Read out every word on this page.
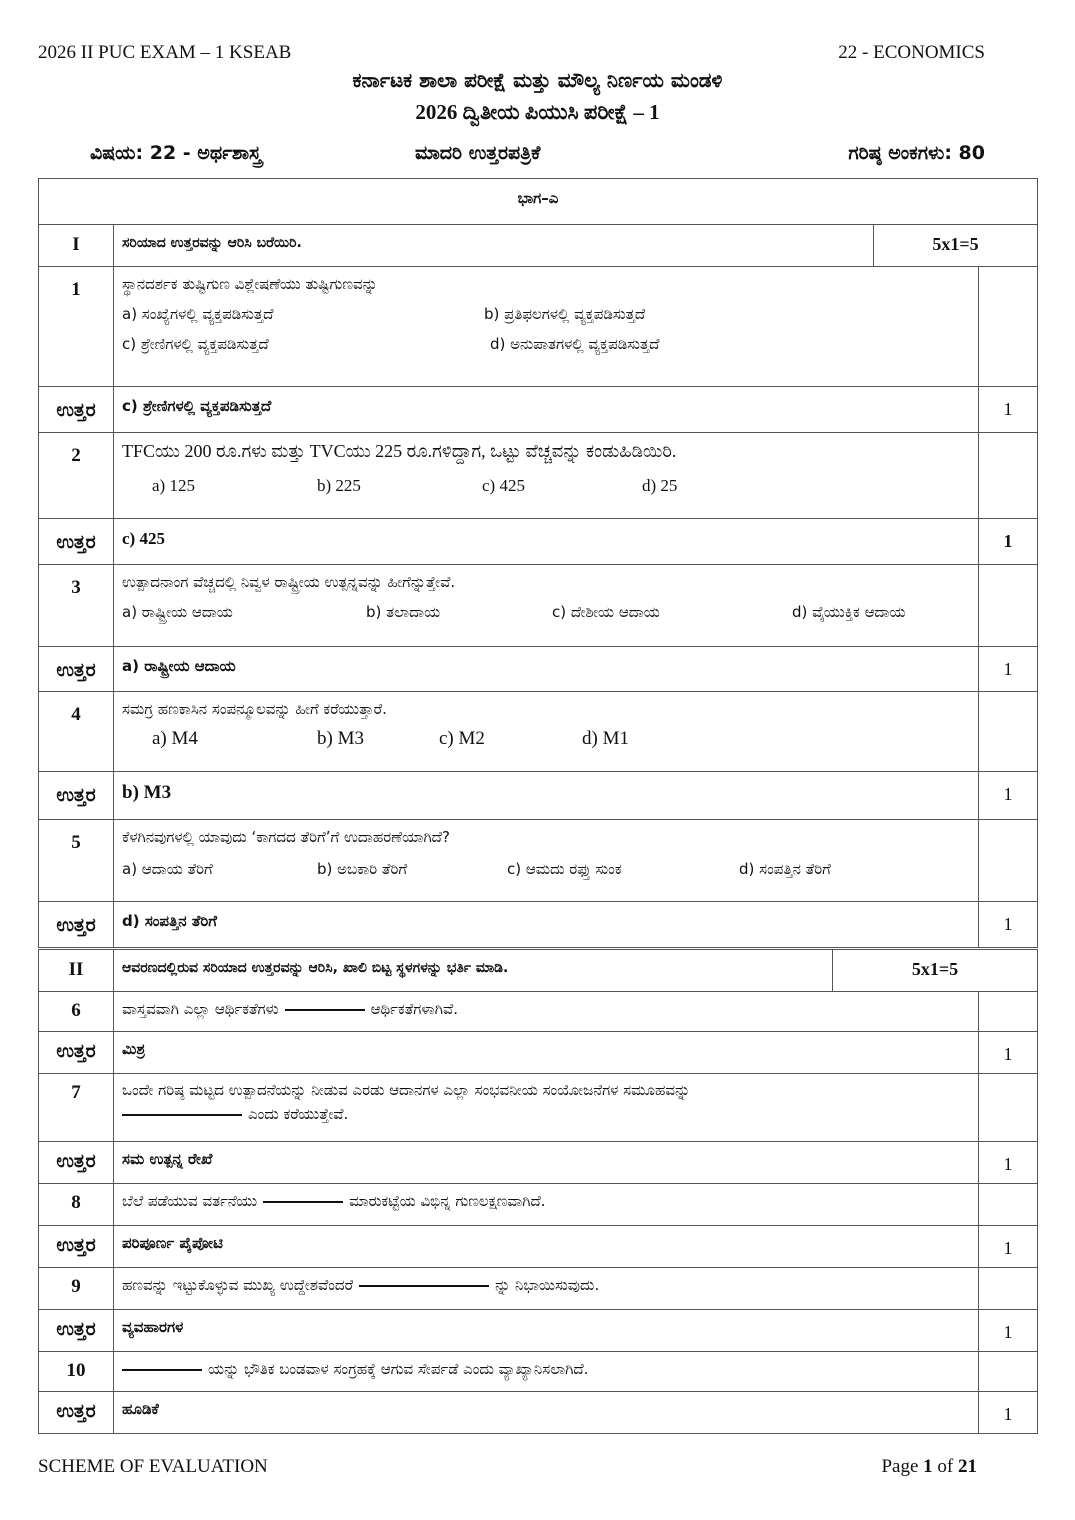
2026 II PUC EXAM – 1 KSEAB	22 - ECONOMICS
ಕರ್ನಾಟಕ ಶಾಲಾ ಪರೀಕ್ಷೆ ಮತ್ತು ಮೌಲ್ಯ ನಿರ್ಣಯ ಮಂಡಳಿ
2026 ದ್ವಿತೀಯ ಪಿಯುಸಿ ಪರೀಕ್ಷೆ – 1
ವಿಷಯ: 22 - ಅರ್ಥಶಾಸ್ತ್ರ	ಮಾದರಿ ಉತ್ತರಪತ್ರಿಕೆ	ಗರಿಷ್ಠ ಅಂಕಗಳು: 80
ಭಾಗ–ಎ			
I	ಸರಿಯಾದ ಉತ್ತರವನ್ನು ಆರಿಸಿ ಬರೆಯಿರಿ.	5x1=5	
1	ಸ್ಥಾನದರ್ಶಕ ತುಷ್ಟಿಗುಣ ವಿಶ್ಲೇಷಣೆಯು ತುಷ್ಟಿಗುಣವನ್ನು
a) ಸಂಖ್ಯೆಗಳಲ್ಲಿ ವ್ಯಕ್ತಪಡಿಸುತ್ತದೆ b) ಪ್ರತಿಫಲಗಳಲ್ಲಿ ವ್ಯಕ್ತಪಡಿಸುತ್ತದೆ
c) ಶ್ರೇಣಿಗಳಲ್ಲಿ ವ್ಯಕ್ತಪಡಿಸುತ್ತದೆ d) ಅನುಪಾತಗಳಲ್ಲಿ ವ್ಯಕ್ತಪಡಿಸುತ್ತದೆ		

ಉತ್ತರ	c) ಶ್ರೇಣಿಗಳಲ್ಲಿ ವ್ಯಕ್ತಪಡಿಸುತ್ತದೆ		1
2	TFCಯು 200 ರೂ.ಗಳು ಮತ್ತು TVCಯು 225 ರೂ.ಗಳಿದ್ದಾಗ, ಒಟ್ಟು ವೆಚ್ಚವನ್ನು ಕಂಡುಹಿಡಿಯಿರಿ.
a) 125 b) 225 c) 425 d) 25		

ಉತ್ತರ	c) 425		1
3	ಉತ್ಪಾದನಾಂಗ ವೆಚ್ಚದಲ್ಲಿ ನಿವ್ವಳ ರಾಷ್ಟ್ರೀಯ ಉತ್ಪನ್ನವನ್ನು ಹೀಗೆನ್ನುತ್ತೇವೆ.
a) ರಾಷ್ಟ್ರೀಯ ಆದಾಯ b) ತಲಾದಾಯ c) ದೇಶೀಯ ಆದಾಯ d) ವೈಯುಕ್ತಿಕ ಆದಾಯ		

ಉತ್ತರ	a) ರಾಷ್ಟ್ರೀಯ ಆದಾಯ		1
4	ಸಮಗ್ರ ಹಣಕಾಸಿನ ಸಂಪನ್ಮೂಲವನ್ನು ಹೀಗೆ ಕರೆಯುತ್ತಾರೆ.
a) M4 b) M3 c) M2 d) M1		

ಉತ್ತರ	b) M3		1
5	ಕೆಳಗಿನವುಗಳಲ್ಲಿ ಯಾವುದು ‘ಕಾಗದದ ತೆರಿಗೆ’ಗೆ ಉದಾಹರಣೆಯಾಗಿದೆ?
a) ಆದಾಯ ತೆರಿಗೆ b) ಅಬಕಾರಿ ತೆರಿಗೆ c) ಆಮದು ರಫ್ತು ಸುಂಕ d) ಸಂಪತ್ತಿನ ತೆರಿಗೆ		

ಉತ್ತರ	d) ಸಂಪತ್ತಿನ ತೆರಿಗೆ		1
II	ಆವರಣದಲ್ಲಿರುವ ಸರಿಯಾದ ಉತ್ತರವನ್ನು ಆರಿಸಿ, ಖಾಲಿ ಬಿಟ್ಟ ಸ್ಥಳಗಳನ್ನು ಭರ್ತಿ ಮಾಡಿ.	5x1=5	
6	ವಾಸ್ತವವಾಗಿ ಎಲ್ಲಾ ಆರ್ಥಿಕತೆಗಳು ಆರ್ಥಿಕತೆಗಳಾಗಿವೆ.		
ಉತ್ತರ	ಮಿಶ್ರ		1
7	ಒಂದೇ ಗರಿಷ್ಠ ಮಟ್ಟದ ಉತ್ಪಾದನೆಯನ್ನು ನೀಡುವ ಎರಡು ಆದಾನಗಳ ಎಲ್ಲಾ ಸಂಭವನೀಯ ಸಂಯೋಜನೆಗಳ ಸಮೂಹವನ್ನು
ಎಂದು ಕರೆಯುತ್ತೇವೆ.		
ಉತ್ತರ	ಸಮ ಉತ್ಪನ್ನ ರೇಖೆ		1
8	ಬೆಲೆ ಪಡೆಯುವ ವರ್ತನೆಯು ಮಾರುಕಟ್ಟೆಯ ವಿಭಿನ್ನ ಗುಣಲಕ್ಷಣವಾಗಿದೆ.		
ಉತ್ತರ	ಪರಿಪೂರ್ಣ ಪೈಪೋಟಿ		1
9	ಹಣವನ್ನು ಇಟ್ಟುಕೊಳ್ಳುವ ಮುಖ್ಯ ಉದ್ದೇಶವೆಂದರೆ ನ್ನು ನಿಭಾಯಿಸುವುದು.		
ಉತ್ತರ	ವ್ಯವಹಾರಗಳ		1
10	ಯನ್ನು ಭೌತಿಕ ಬಂಡವಾಳ ಸಂಗ್ರಹಕ್ಕೆ ಆಗುವ ಸೇರ್ಪಡೆ ಎಂದು ವ್ಯಾಖ್ಯಾನಿಸಲಾಗಿದೆ.		
ಉತ್ತರ	ಹೂಡಿಕೆ		1
SCHEME OF EVALUATION	Page 1 of 21
